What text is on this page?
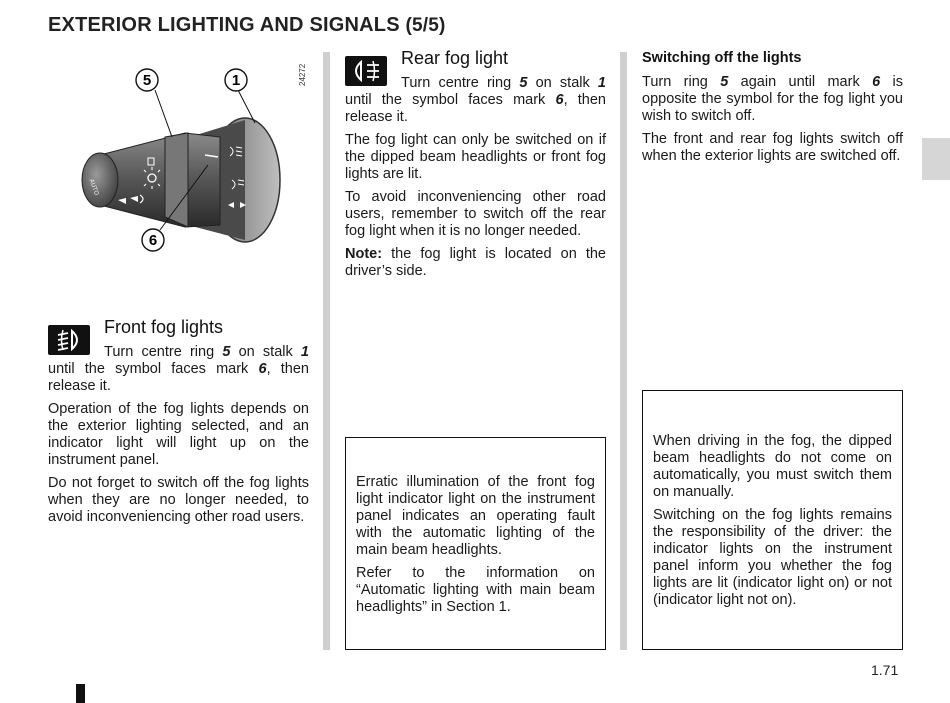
EXTERIOR LIGHTING AND SIGNALS (5/5)
AUTO
5	1
6
24272
Front fog lights

Turn centre ring 5 on stalk 1 until the symbol faces mark 6, then release it.

Operation of the fog lights depends on the exterior lighting selected, and an indicator light will light up on the instrument panel.

Do not forget to switch off the fog lights when they are no longer needed, to avoid inconveniencing other road users.

Rear fog light

Turn centre ring 5 on stalk 1 until the symbol faces mark 6, then release it.

The fog light can only be switched on if the dipped beam headlights or front fog lights are lit.

To avoid inconveniencing other road users, remember to switch off the rear fog light when it is no longer needed.

Note: the fog light is located on the driver’s side.

Erratic illumination of the front fog light indicator light on the instrument panel indicates an operating fault with the automatic lighting of the main beam headlights.

Refer to the information on “Automatic lighting with main beam headlights” in Section 1.

Switching off the lights

Turn ring 5 again until mark 6 is opposite the symbol for the fog light you wish to switch off.

The front and rear fog lights switch off when the exterior lights are switched off.

When driving in the fog, the dipped beam headlights do not come on automatically, you must switch them on manually.

Switching on the fog lights remains the responsibility of the driver: the indicator lights on the instrument panel inform you whether the fog lights are lit (indicator light on) or not (indicator light not on).

1.71
